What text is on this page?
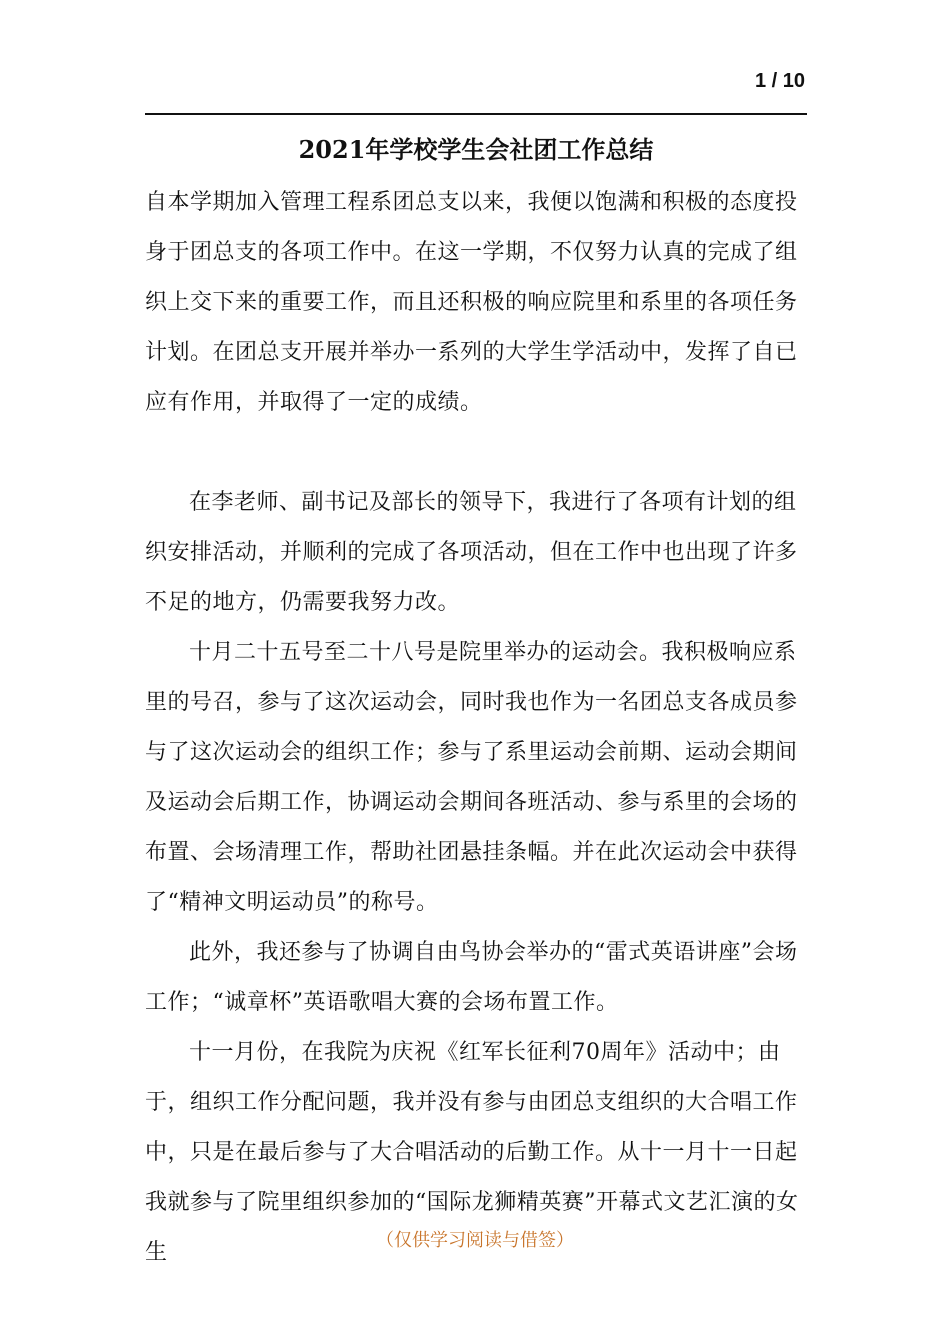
1 / 10
2021年学校学生会社团工作总结

自本学期加入管理工程系团总支以来，我便以饱满和积极的态度投身于团总支的各项工作中。在这一学期，不仅努力认真的完成了组织上交下来的重要工作，而且还积极的响应院里和系里的各项任务计划。在团总支开展并举办一系列的大学生学活动中，发挥了自已应有作用，并取得了一定的成绩。

在李老师、副书记及部长的领导下，我进行了各项有计划的组织安排活动，并顺利的完成了各项活动，但在工作中也出现了许多不足的地方，仍需要我努力改。

十月二十五号至二十八号是院里举办的运动会。我积极响应系里的号召，参与了这次运动会，同时我也作为一名团总支各成员参与了这次运动会的组织工作；参与了系里运动会前期、运动会期间及运动会后期工作，协调运动会期间各班活动、参与系里的会场的布置、会场清理工作，帮助社团悬挂条幅。并在此次运动会中获得了“精神文明运动员”的称号。

此外，我还参与了协调自由鸟协会举办的“雷式英语讲座”会场工作；“诚章杯”英语歌唱大赛的会场布置工作。

十一月份，在我院为庆祝《红军长征利70周年》活动中；由于，组织工作分配问题，我并没有参与由团总支组织的大合唱工作中，只是在最后参与了大合唱活动的后勤工作。从十一月十一日起我就参与了院里组织参加的“国际龙狮精英赛”开幕式文艺汇演的女生	（仅供学习阅读与借签）
